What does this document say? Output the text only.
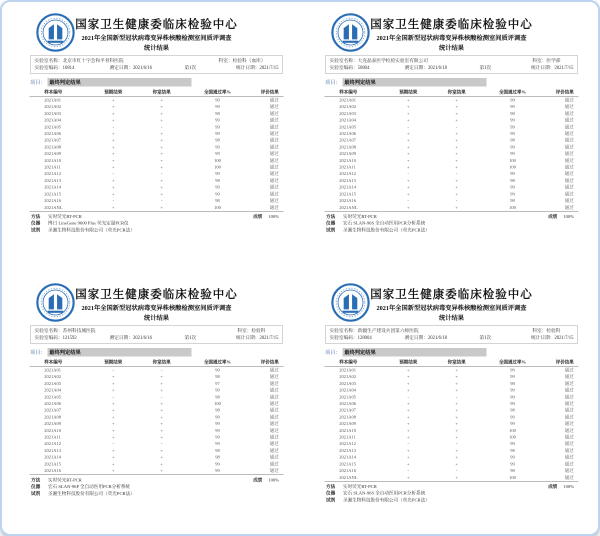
国家卫生健康委临床检验中心
2021年全国新型冠状病毒变异株核酸检测室间质评调查
统计结果
实验室名称：北京市红十字会和平骨科医院	科室：检验科（血库）
实验室编码：10814	测定日期：2021/6/16	第1次	统计日期：2021/7/15
项目： 最终判定结果
样本编号	预期结果	你室结果	全国通过率%	评价结果
2021A01	+	+	99	通过
2021A02	+	+	99	通过
2021A03	+	+	98	通过
2021A04	+	+	99	通过
2021A05	-	-	99	通过
2021A06	+	+	99	通过
2021A07	+	+	98	通过
2021A08	+	+	99	通过
2021A09	+	+	99	通过
2021A10	+	+	100	通过
2021A11	+	+	100	通过
2021A12	-	-	99	通过
2021A13	+	+	98	通过
2021A14	+	+	99	通过
2021A15	+	+	99	通过
2021A16	-	-	98	通过
2021ANL	+	+	100	通过
方法 实时荧光RT-PCR	成绩 100%
仪器 博日 LineGene 9600 Plus 荧光定量PCR仪
试剂 圣湘生物科技股份有限公司（荧光PCR法）
国家卫生健康委临床检验中心
2021年全国新型冠状病毒变异株核酸检测室间质评调查
统计结果
实验室名称：大连晶泰医学检验实验室有限公司	科室：医学部
实验室编码：50804	测定日期：2021/6/18	第1次	统计日期：2021/7/15
项目： 最终判定结果
样本编号	预期结果	你室结果	全国通过率%	评价结果
2021A01	+	+	99	通过
2021A02	+	+	99	通过
2021A03	+	+	98	通过
2021A04	+	+	99	通过
2021A05	-	-	99	通过
2021A06	+	+	99	通过
2021A07	+	+	98	通过
2021A08	+	+	99	通过
2021A09	+	+	99	通过
2021A10	+	+	100	通过
2021A11	+	+	100	通过
2021A12	-	-	99	通过
2021A13	+	+	98	通过
2021A14	+	+	99	通过
2021A15	+	+	99	通过
2021A16	-	-	98	通过
2021ANL	+	+	100	通过
方法 实时荧光RT-PCR	成绩 100%
仪器 宏石 SLAN-96S 全自动医用PCR分析系统
试剂 圣湘生物科技股份有限公司（荧光PCR法）
国家卫生健康委临床检验中心
2021年全国新型冠状病毒变异株核酸检测室间质评调查
统计结果
实验室名称：苏州科技城医院	科室：检验科
实验室编码：121592	测定日期：2021/6/16	第1次	统计日期：2021/7/15
项目： 最终判定结果
样本编号	预期结果	你室结果	全国通过率%	评价结果
2021A01	-	-	99	通过
2021A02	+	+	98	通过
2021A03	+	+	97	通过
2021A04	+	+	99	通过
2021A05	-	-	98	通过
2021A06	+	+	100	通过
2021A07	+	+	98	通过
2021A08	+	+	99	通过
2021A09	+	+	99	通过
2021A10	+	+	99	通过
2021A11	+	+	99	通过
2021A12	-	-	99	通过
2021A13	+	+	98	通过
2021A14	+	+	98	通过
2021A15	+	+	99	通过
2021A16	+	+	99	通过
方法 实时荧光RT-PCR	成绩 100%
仪器 宏石 SLAN-96P 全自动医用PCR分析系统
试剂 圣湘生物科技股份有限公司（荧光PCR法）
国家卫生健康委临床检验中心
2021年全国新型冠状病毒变异株核酸检测室间质评调查
统计结果
实验室名称：新疆生产建设兵团第六师医院	科室：检验科
实验室编码：128004	测定日期：2021/6/18	第1次	统计日期：2021/7/15
项目： 最终判定结果
样本编号	预期结果	你室结果	全国通过率%	评价结果
2021A01	+	+	99	通过
2021A02	+	+	99	通过
2021A03	+	+	98	通过
2021A04	+	+	99	通过
2021A05	-	-	99	通过
2021A06	+	+	99	通过
2021A07	+	+	98	通过
2021A08	+	+	99	通过
2021A09	+	+	99	通过
2021A10	+	+	100	通过
2021A11	+	+	100	通过
2021A12	-	-	99	通过
2021A13	+	+	98	通过
2021A14	+	+	99	通过
2021A15	+	+	99	通过
2021A16	-	-	98	通过
2021ANL	+	+	100	通过
方法 实时荧光RT-PCR	成绩 100%
仪器 宏石 SLAN-96S 全自动医用PCR分析系统
试剂 圣湘生物科技股份有限公司（荧光PCR法）
